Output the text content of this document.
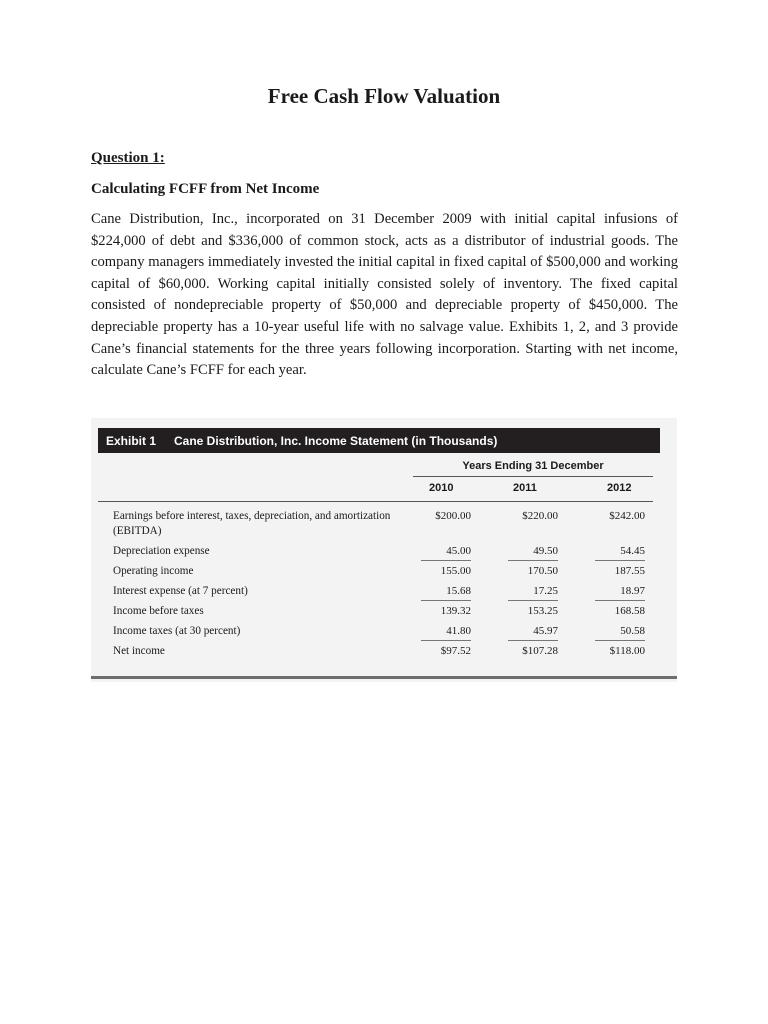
Free Cash Flow Valuation
Question 1:
Calculating FCFF from Net Income

Cane Distribution, Inc., incorporated on 31 December 2009 with initial capital infusions of $224,000 of debt and $336,000 of common stock, acts as a distributor of industrial goods. The company managers immediately invested the initial capital in fixed capital of $500,000 and working capital of $60,000. Working capital initially consisted solely of inventory. The fixed capital consisted of nondepreciable property of $50,000 and depreciable property of $450,000. The depreciable property has a 10-year useful life with no salvage value. Exhibits 1, 2, and 3 provide Cane’s financial statements for the three years following incorporation. Starting with net income, calculate Cane’s FCFF for each year.

Exhibit 1	Cane Distribution, Inc. Income Statement (in Thousands)
Years Ending 31 December
2010	2011	2012
Earnings before interest, taxes, depreciation, and amortization (EBITDA)
$200.00	$220.00	$242.00
Depreciation expense	45.00	49.50	54.45
Operating income	155.00	170.50	187.55
Interest expense (at 7 percent)	15.68	17.25	18.97
Income before taxes	139.32	153.25	168.58
Income taxes (at 30 percent)	41.80	45.97	50.58
Net income	$97.52	$107.28	$118.00
